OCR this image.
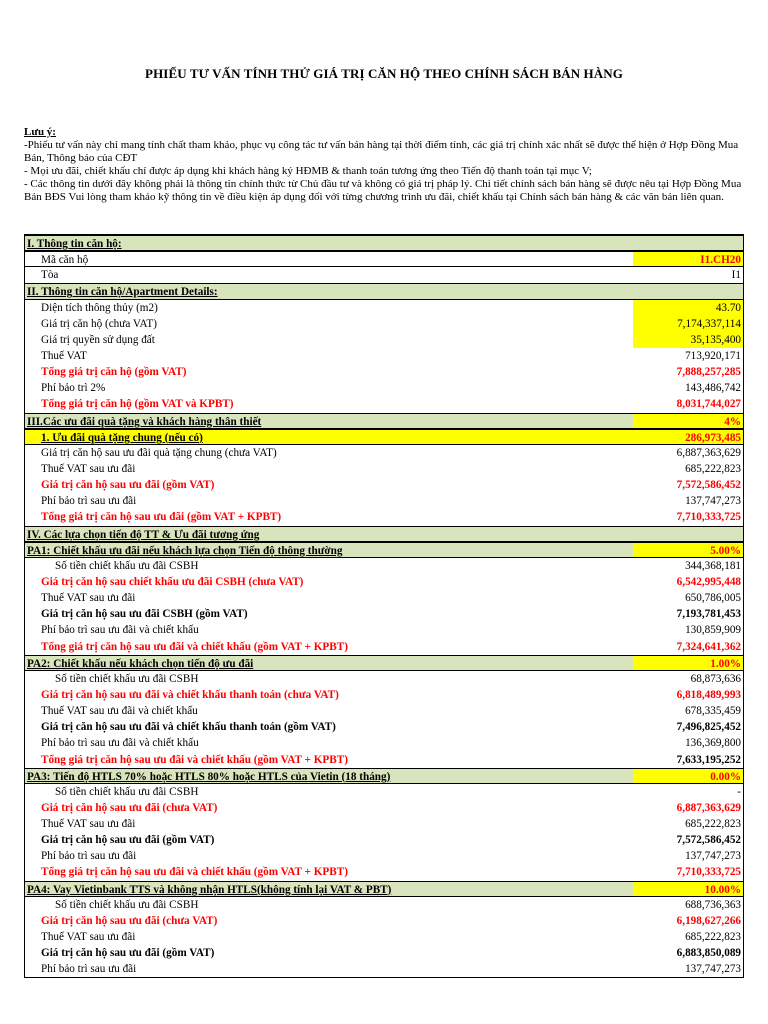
PHIẾU TƯ VẤN TÍNH THỬ GIÁ TRỊ CĂN HỘ THEO CHÍNH SÁCH BÁN HÀNG
Lưu ý:
-Phiếu tư vấn này chỉ mang tính chất tham khảo, phục vụ công tác tư vấn bán hàng tại thời điểm tính, các giá trị chính xác nhất sẽ được thể hiện ở Hợp Đồng Mua Bán, Thông báo của CĐT
- Mọi ưu đãi, chiết khấu chỉ được áp dụng khi khách hàng ký HĐMB & thanh toán tương ứng theo Tiến độ thanh toán tại mục V;
- Các thông tin dưới đây không phải là thông tin chính thức từ Chủ đầu tư và không có giá trị pháp lý. Chi tiết chính sách bán hàng sẽ được nêu tại Hợp Đồng Mua Bán BĐS Vui lòng tham khảo kỹ thông tin về điều kiện áp dụng đối với từng chương trình ưu đãi, chiết khấu tại Chính sách bán hàng & các văn bản liên quan.
I. Thông tin căn hộ:
Mã căn hộ	I1.CH20
Tòa	I1
II. Thông tin căn hộ/Apartment Details:
Diện tích thông thủy (m2)	43.70
Giá trị căn hộ (chưa VAT)	7,174,337,114
Giá trị quyền sử dụng đất	35,135,400
Thuế VAT	713,920,171
Tổng giá trị căn hộ (gồm VAT)	7,888,257,285
Phí bảo trì 2%	143,486,742
Tổng giá trị căn hộ (gồm VAT và KPBT)	8,031,744,027
III.Các ưu đãi quà tặng và khách hàng thân thiết	4%
1. Ưu đãi quà tặng chung (nếu có)	286,973,485
Giá trị căn hộ sau ưu đãi quà tặng chung (chưa VAT)	6,887,363,629
Thuế VAT sau ưu đãi	685,222,823
Giá trị căn hộ sau ưu đãi (gồm VAT)	7,572,586,452
Phí bảo trì sau ưu đãi	137,747,273
Tổng giá trị căn hộ sau ưu đãi (gồm VAT + KPBT)	7,710,333,725
IV. Các lựa chọn tiến độ TT & Ưu đãi tương ứng
PA1: Chiết khấu ưu đãi nếu khách lựa chọn Tiến độ thông thường	5.00%
Số tiền chiết khấu ưu đãi CSBH	344,368,181
Giá trị căn hộ sau chiết khấu ưu đãi CSBH (chưa VAT)	6,542,995,448
Thuế VAT sau ưu đãi	650,786,005
Giá trị căn hộ sau ưu đãi CSBH (gồm VAT)	7,193,781,453
Phí bảo trì sau ưu đãi và chiết khấu	130,859,909
Tổng giá trị căn hộ sau ưu đãi và chiết khấu (gồm VAT + KPBT)	7,324,641,362
PA2: Chiết khấu nếu khách chọn tiến độ ưu đãi	1.00%
Số tiền chiết khấu ưu đãi CSBH	68,873,636
Giá trị căn hộ sau ưu đãi và chiết khấu thanh toán (chưa VAT)	6,818,489,993
Thuế VAT sau ưu đãi và chiết khấu	678,335,459
Giá trị căn hộ sau ưu đãi và chiết khấu thanh toán (gồm VAT)	7,496,825,452
Phí bảo trì sau ưu đãi và chiết khấu	136,369,800
Tổng giá trị căn hộ sau ưu đãi và chiết khấu (gồm VAT + KPBT)	7,633,195,252
PA3: Tiến độ HTLS 70% hoặc HTLS 80% hoặc HTLS của Vietin (18 tháng)	0.00%
Số tiền chiết khấu ưu đãi CSBH	-
Giá trị căn hộ sau ưu đãi (chưa VAT)	6,887,363,629
Thuế VAT sau ưu đãi	685,222,823
Giá trị căn hộ sau ưu đãi (gồm VAT)	7,572,586,452
Phí bảo trì sau ưu đãi	137,747,273
Tổng giá trị căn hộ sau ưu đãi và chiết khấu (gồm VAT + KPBT)	7,710,333,725
PA4: Vay Vietinbank TTS và không nhận HTLS(không tính lại VAT & PBT)	10.00%
Số tiền chiết khấu ưu đãi CSBH	688,736,363
Giá trị căn hộ sau ưu đãi (chưa VAT)	6,198,627,266
Thuế VAT sau ưu đãi	685,222,823
Giá trị căn hộ sau ưu đãi (gồm VAT)	6,883,850,089
Phí bảo trì sau ưu đãi	137,747,273
